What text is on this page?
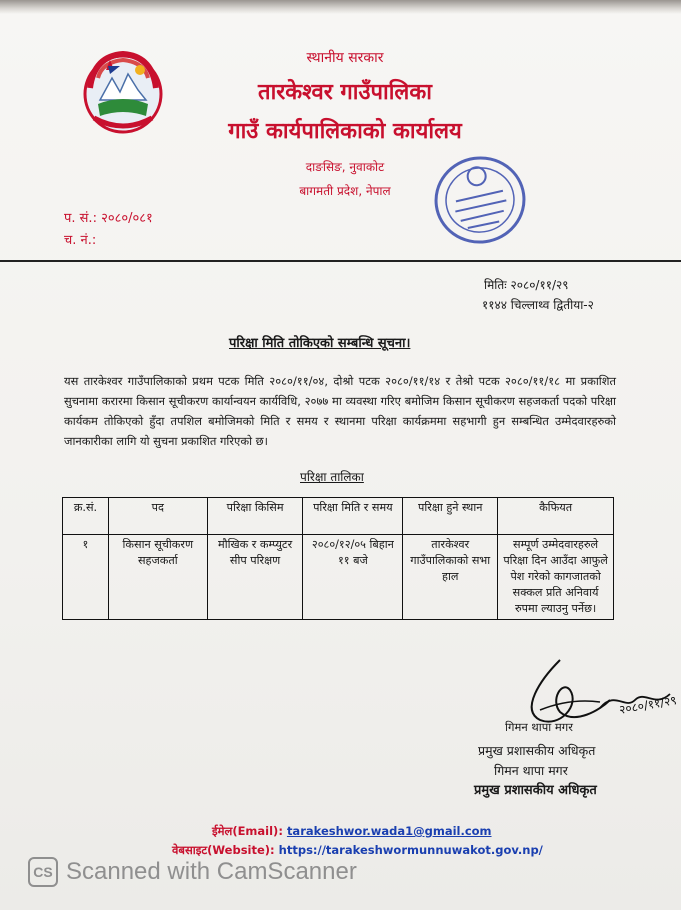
स्थानीय सरकार
तारकेश्वर गाउँपालिका
गाउँ कार्यपालिकाको कार्यालय
दाङसिङ, नुवाकोट
बागमती प्रदेश, नेपाल
प. सं.: २०८०/०८१
च. नं.:
मितिः २०८०/११/२९
११४४ चिल्लाथ्व द्वितीया-२
परिक्षा मिति तोकिएको सम्बन्धि सूचना।
यस तारकेश्वर गाउँपालिकाको प्रथम पटक मिति २०८०/११/०४, दोश्रो पटक २०८०/११/१४ र तेश्रो पटक २०८०/११/१८ मा प्रकाशित सुचनामा करारमा किसान सूचीकरण कार्यान्वयन कार्यविधि, २०७७ मा व्यवस्था गरिए बमोजिम किसान सूचीकरण सहजकर्ता पदको परिक्षा कार्यकम तोकिएको हुँदा तपशिल बमोजिमको मिति र समय र स्थानमा परिक्षा कार्यक्रममा सहभागी हुन सम्बन्धित उम्मेदवारहरुको जानकारीका लागि यो सुचना प्रकाशित गरिएको छ।
परिक्षा तालिका
क्र.सं.	पद	परिक्षा किसिम	परिक्षा मिति र समय	परिक्षा हुने स्थान	कैफियत
१	किसान सूचीकरण सहजकर्ता	मौखिक र कम्प्युटर सीप परिक्षण	२०८०/१२/०५ बिहान ११ बजे	तारकेश्वर गाउँपालिकाको सभा हाल	सम्पूर्ण उम्मेदवारहरुले परिक्षा दिन आउँदा आफुले पेश गरेको कागजातको सक्कल प्रति अनिवार्य रुपमा ल्याउनु पर्नेछ।
२०८०/११/२९
गिमन थापा मगर
प्रमुख प्रशासकीय अधिकृत
गिमन थापा मगर
प्रमुख प्रशासकीय अधिकृत
ईमेल(Email): tarakeshwor.wada1@gmail.com
वेबसाइट(Website): https://tarakeshwormunnuwakot.gov.np/
CS Scanned with CamScanner
